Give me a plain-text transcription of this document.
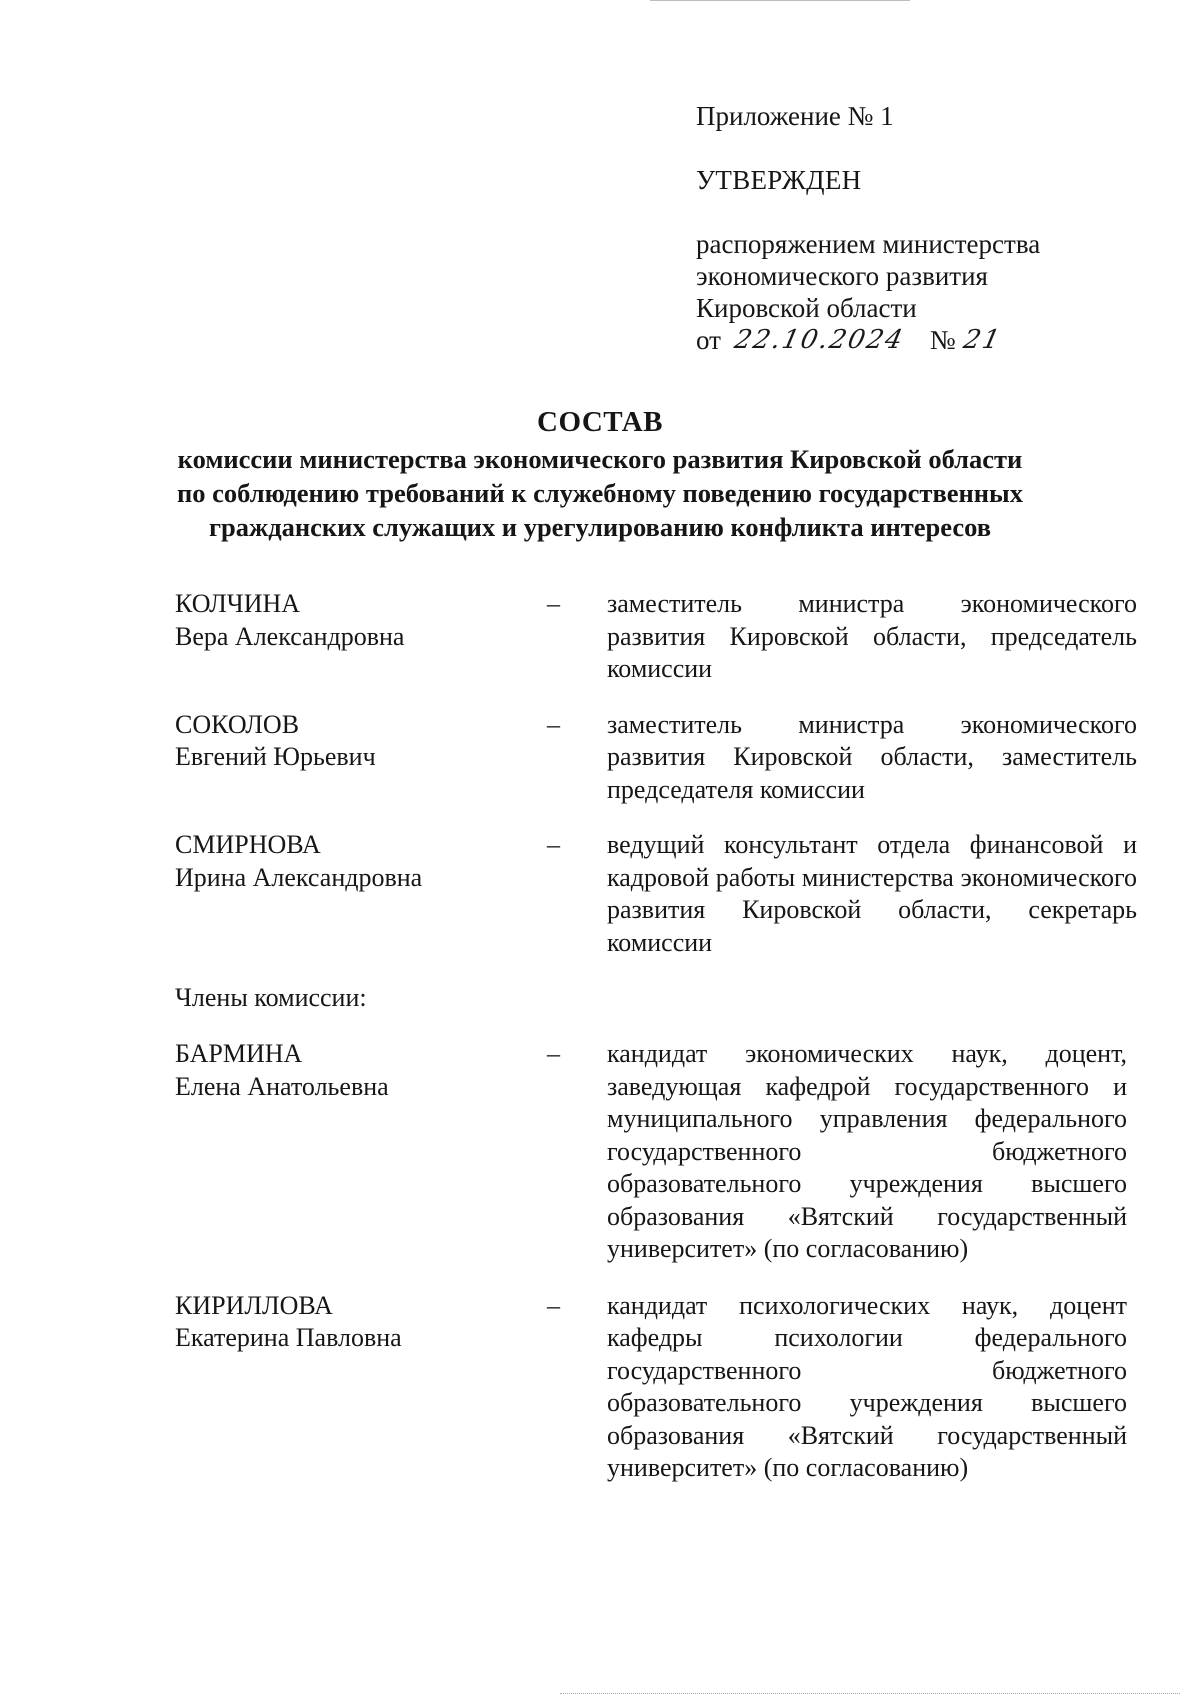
Приложение № 1
УТВЕРЖДЕН
распоряжением министерства
экономического развития
Кировской области
от 22.10.2024 № 21
СОСТАВ
комиссии министерства экономического развития Кировской области
по соблюдению требований к служебному поведению государственных
гражданских служащих и урегулированию конфликта интересов
КОЛЧИНА
Вера Александровна
–	заместитель министра экономического развития Кировской области, председатель комиссии
СОКОЛОВ
Евгений Юрьевич
–	заместитель министра экономического развития Кировской области, заместитель председателя комиссии
СМИРНОВА
Ирина Александровна
–	ведущий консультант отдела финансовой и кадровой работы министерства экономического развития Кировской области, секретарь комиссии
Члены комиссии:
БАРМИНА
Елена Анатольевна
–	кандидат экономических наук, доцент, заведующая кафедрой государственного и муниципального управления федерального государственного бюджетного образовательного учреждения высшего образования «Вятский государственный университет» (по согласованию)
КИРИЛЛОВА
Екатерина Павловна
–	кандидат психологических наук, доцент кафедры психологии федерального государственного бюджетного образовательного учреждения высшего образования «Вятский государственный университет» (по согласованию)
